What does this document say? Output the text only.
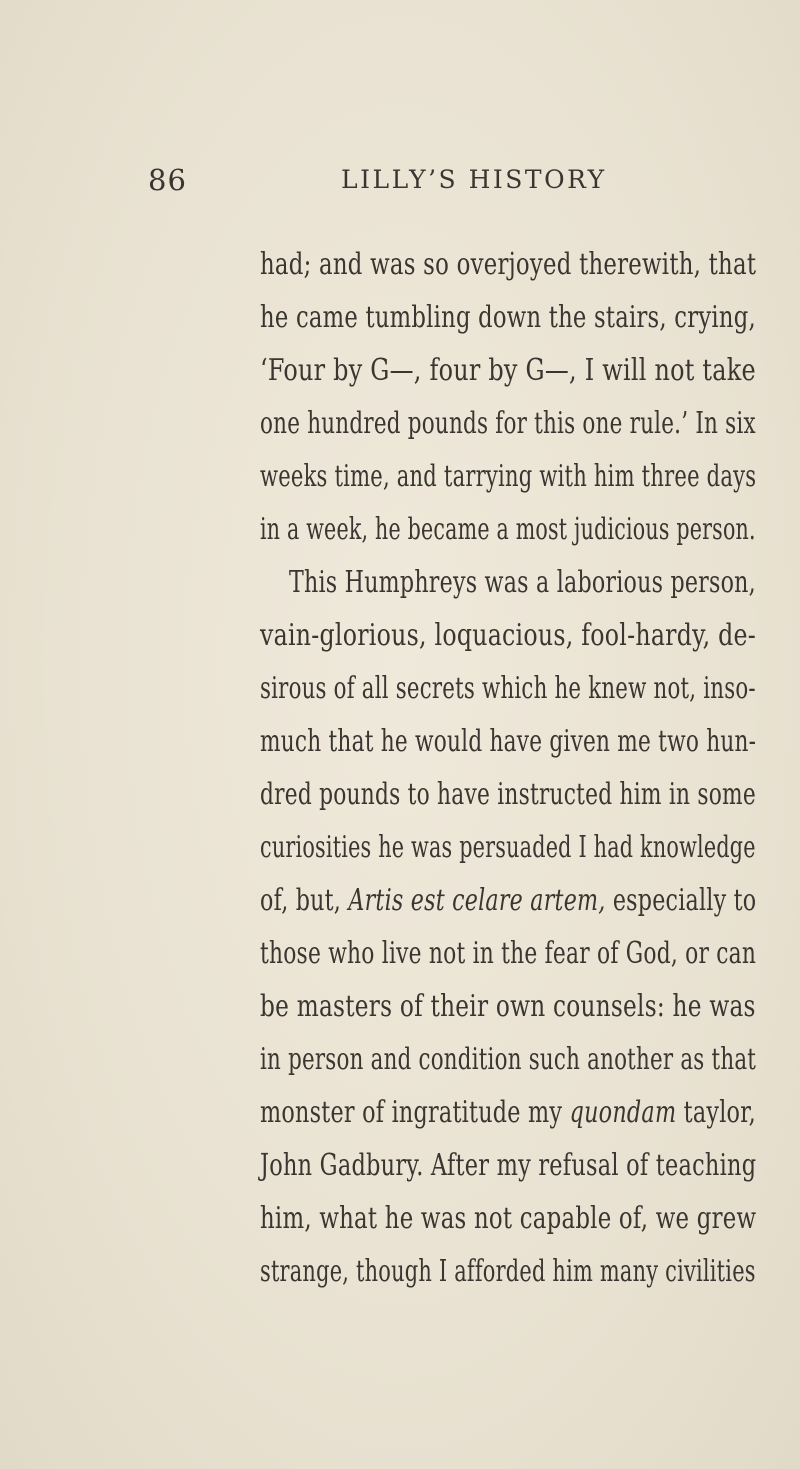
86	LILLY’S HISTORY
had; and was so overjoyed therewith, that
he came tumbling down the stairs, crying,
‘Four by G—, four by G—, I will not take
one hundred pounds for this one rule.’ In six
weeks time, and tarrying with him three days
in a week, he became a most judicious person.
This Humphreys was a laborious person,
vain-glorious, loquacious, fool-hardy, de-
sirous of all secrets which he knew not, inso-
much that he would have given me two hun-
dred pounds to have instructed him in some
curiosities he was persuaded I had knowledge
of, but, Artis est celare artem, especially to
those who live not in the fear of God, or can
be masters of their own counsels: he was
in person and condition such another as that
monster of ingratitude my quondam taylor,
John Gadbury. After my refusal of teaching
him, what he was not capable of, we grew
strange, though I afforded him many civilities
